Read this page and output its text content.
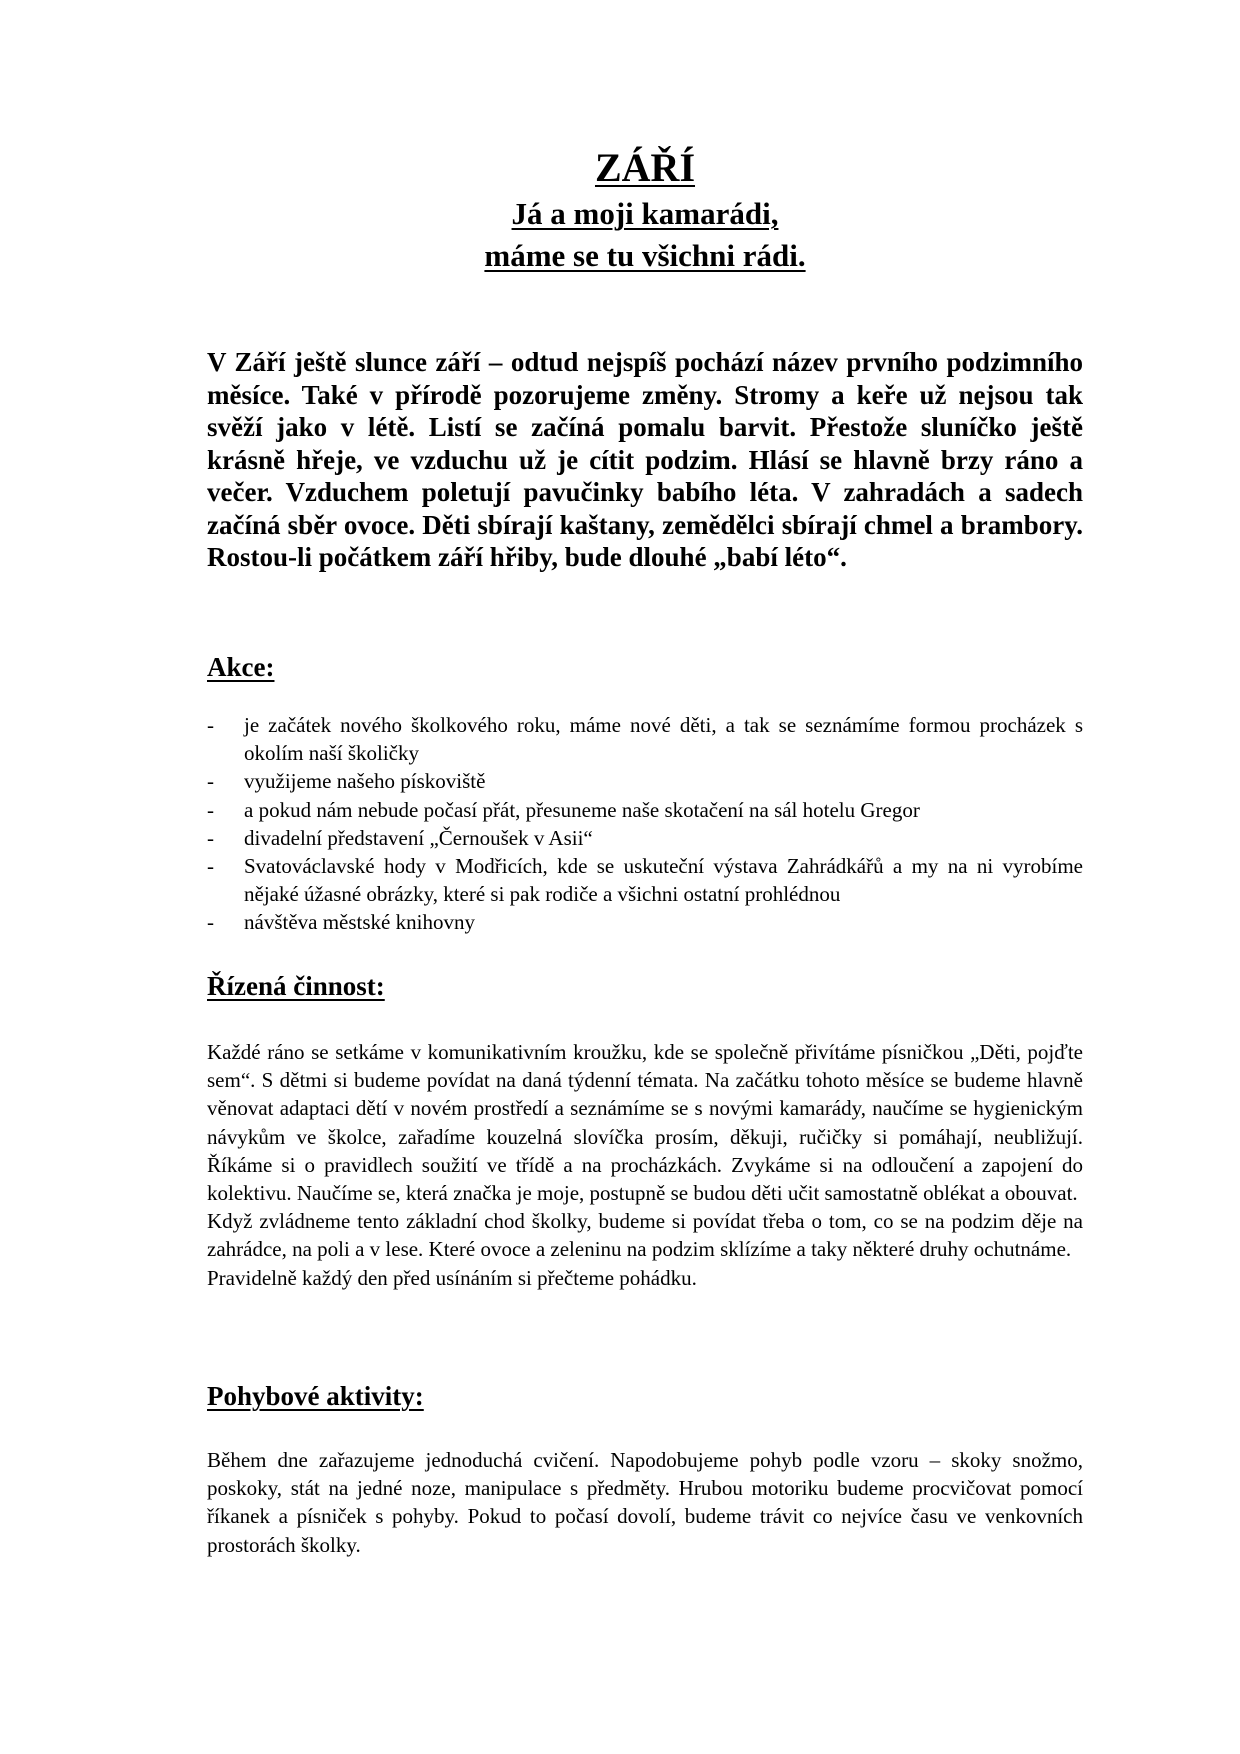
ZÁŘÍ
Já a moji kamarádi,
máme se tu všichni rádi.

V Září ještě slunce září – odtud nejspíš pochází název prvního podzimního měsíce. Také v přírodě pozorujeme změny. Stromy a keře už nejsou tak svěží jako v létě. Listí se začíná pomalu barvit. Přestože sluníčko ještě krásně hřeje, ve vzduchu už je cítit podzim. Hlásí se hlavně brzy ráno a večer. Vzduchem poletují pavučinky babího léta. V zahradách a sadech začíná sběr ovoce. Děti sbírají kaštany, zemědělci sbírají chmel a brambory. Rostou-li počátkem září hřiby, bude dlouhé „babí léto“.

Akce:
- je začátek nového školkového roku, máme nové děti, a tak se seznámíme formou procházek s okolím naší školičky
- využijeme našeho pískoviště
- a pokud nám nebude počasí přát, přesuneme naše skotačení na sál hotelu Gregor
- divadelní představení „Černoušek v Asii“
- Svatováclavské hody v Modřicích, kde se uskuteční výstava Zahrádkářů a my na ni vyrobíme nějaké úžasné obrázky, které si pak rodiče a všichni ostatní prohlédnou
- návštěva městské knihovny
Řízená činnost:
Každé ráno se setkáme v komunikativním kroužku, kde se společně přivítáme písničkou „Děti, pojďte sem“. S dětmi si budeme povídat na daná týdenní témata. Na začátku tohoto měsíce se budeme hlavně věnovat adaptaci dětí v novém prostředí a seznámíme se s novými kamarády, naučíme se hygienickým návykům ve školce, zařadíme kouzelná slovíčka prosím, děkuji, ručičky si pomáhají, neubližují. Říkáme si o pravidlech soužití ve třídě a na procházkách. Zvykáme si na odloučení a zapojení do kolektivu. Naučíme se, která značka je moje, postupně se budou děti učit samostatně oblékat a obouvat.
Když zvládneme tento základní chod školky, budeme si povídat třeba o tom, co se na podzim děje na zahrádce, na poli a v lese. Které ovoce a zeleninu na podzim sklízíme a taky některé druhy ochutnáme.
Pravidelně každý den před usínáním si přečteme pohádku.
Pohybové aktivity:

Během dne zařazujeme jednoduchá cvičení. Napodobujeme pohyb podle vzoru – skoky snožmo, poskoky, stát na jedné noze, manipulace s předměty. Hrubou motoriku budeme procvičovat pomocí říkanek a písniček s pohyby. Pokud to počasí dovolí, budeme trávit co nejvíce času ve venkovních prostorách školky.
